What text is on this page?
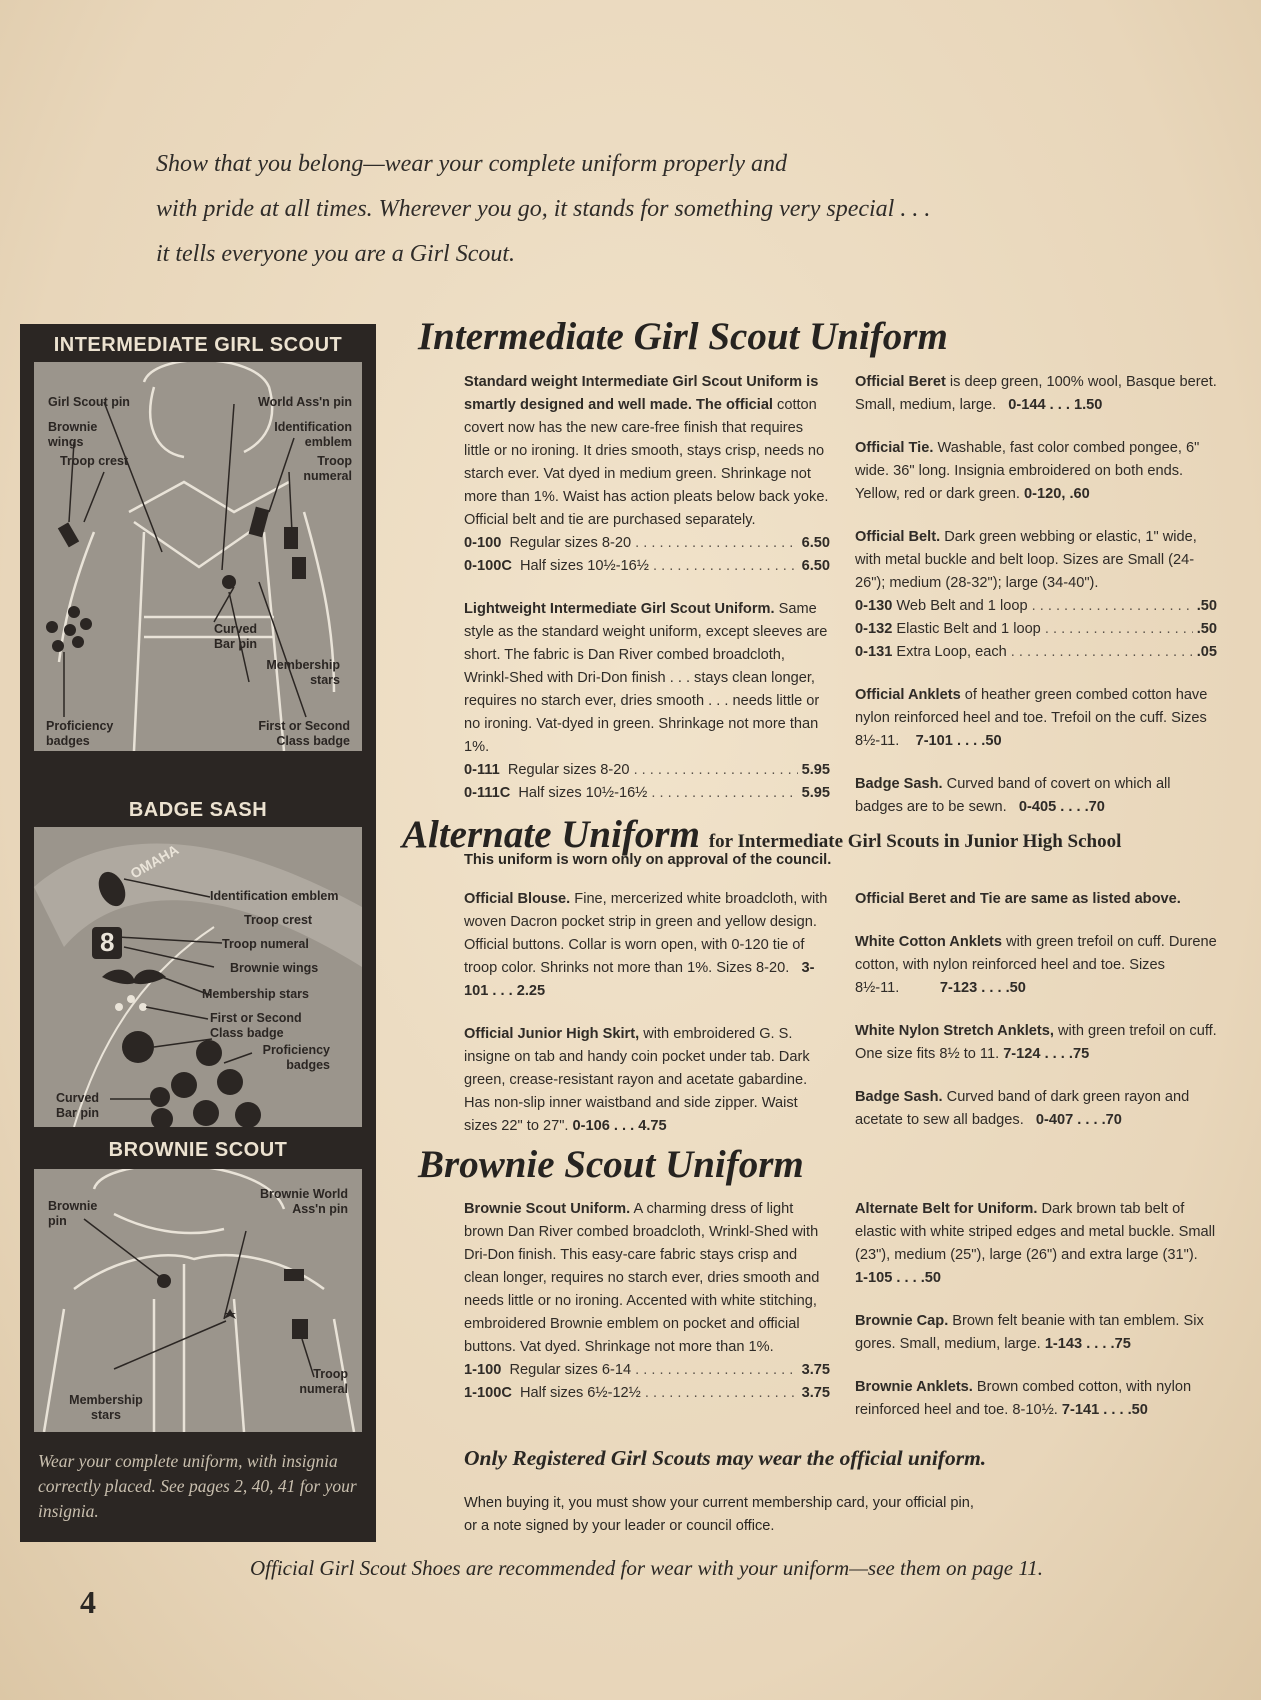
Show that you belong—wear your complete uniform properly and
with pride at all times. Wherever you go, it stands for something very special . . .
it tells everyone you are a Girl Scout.
INTERMEDIATE GIRL SCOUT
Girl Scout pin	World Ass'n pin
Brownie wings
Identification emblem
Troop crest	Troop numeral
Curved Bar pin
Membership stars
Proficiency badges
First or Second Class badge
BADGE SASH
OMAHA
8
Identification emblem
Troop crest
Troop numeral
Brownie wings
Membership stars
First or Second Class badge
Proficiency badges
Curved Bar pin
BROWNIE SCOUT
Brownie pin
Brownie World Ass'n pin
Troop numeral
Membership stars
Wear your complete uniform, with insignia correctly placed. See pages 2, 40, 41 for your insignia.
Intermediate Girl Scout Uniform

Standard weight Intermediate Girl Scout Uniform is smartly designed and well made. The official cotton covert now has the new care-free finish that requires little or no ironing. It dries smooth, stays crisp, needs no starch ever. Vat dyed in medium green. Shrinkage not more than 1%. Waist has action pleats below back yoke. Official belt and tie are purchased separately.

0-100 Regular sizes 8-20 . . .	6.50
0-100C Half sizes 10½-16½ . . .	6.50

Lightweight Intermediate Girl Scout Uniform. Same style as the standard weight uniform, except sleeves are short. The fabric is Dan River combed broadcloth, Wrinkl-Shed with Dri-Don finish . . . stays clean longer, requires no starch ever, dries smooth . . . needs little or no ironing. Vat-dyed in green. Shrinkage not more than 1%.

0-111 Regular sizes 8-20 . . .	5.95
0-111C Half sizes 10½-16½ . . .	5.95

Official Beret is deep green, 100% wool, Basque beret. Small, medium, large. 0-144 . . . 1.50

Official Tie. Washable, fast color combed pongee, 6" wide. 36" long. Insignia embroidered on both ends. Yellow, red or dark green. 0-120, .60

Official Belt. Dark green webbing or elastic, 1" wide, with metal buckle and belt loop. Sizes are Small (24-26"); medium (28-32"); large (34-40").

0-130 Web Belt and 1 loop . . .	.50
0-132 Elastic Belt and 1 loop . . .	.50
0-131 Extra Loop, each . . .	.05

Official Anklets of heather green combed cotton have nylon reinforced heel and toe. Trefoil on the cuff. Sizes 8½-11. 7-101 . . . .50

Badge Sash. Curved band of covert on which all badges are to be sewn. 0-405 . . . .70

Alternate Uniform for Intermediate Girl Scouts in Junior High School
This uniform is worn only on approval of the council.

Official Blouse. Fine, mercerized white broadcloth, with woven Dacron pocket strip in green and yellow design. Official buttons. Collar is worn open, with 0-120 tie of troop color. Shrinks not more than 1%. Sizes 8-20. 3-101 . . . 2.25

Official Junior High Skirt, with embroidered G. S. insigne on tab and handy coin pocket under tab. Dark green, crease-resistant rayon and acetate gabardine. Has non-slip inner waistband and side zipper. Waist sizes 22" to 27". 0-106 . . . 4.75

Official Beret and Tie are same as listed above.

White Cotton Anklets with green trefoil on cuff. Durene cotton, with nylon reinforced heel and toe. Sizes 8½-11.	7-123 . . . .50

White Nylon Stretch Anklets, with green trefoil on cuff. One size fits 8½ to 11. 7-124 . . . .75

Badge Sash. Curved band of dark green rayon and acetate to sew all badges. 0-407 . . . .70

Brownie Scout Uniform

Brownie Scout Uniform. A charming dress of light brown Dan River combed broadcloth, Wrinkl-Shed with Dri-Don finish. This easy-care fabric stays crisp and clean longer, requires no starch ever, dries smooth and needs little or no ironing. Accented with white stitching, embroidered Brownie emblem on pocket and official buttons. Vat dyed. Shrinkage not more than 1%.

1-100 Regular sizes 6-14 . . .	3.75
1-100C Half sizes 6½-12½ . . .	3.75

Alternate Belt for Uniform. Dark brown tab belt of elastic with white striped edges and metal buckle. Small (23"), medium (25"), large (26") and extra large (31").     1-105 . . . .50

Brownie Cap. Brown felt beanie with tan emblem. Six gores. Small, medium, large. 1-143 . . . .75

Brownie Anklets. Brown combed cotton, with nylon reinforced heel and toe. 8-10½. 7-141 . . . .50

Only Registered Girl Scouts may wear the official uniform.
When buying it, you must show your current membership card, your official pin,
or a note signed by your leader or council office.
Official Girl Scout Shoes are recommended for wear with your uniform—see them on page 11.
4
